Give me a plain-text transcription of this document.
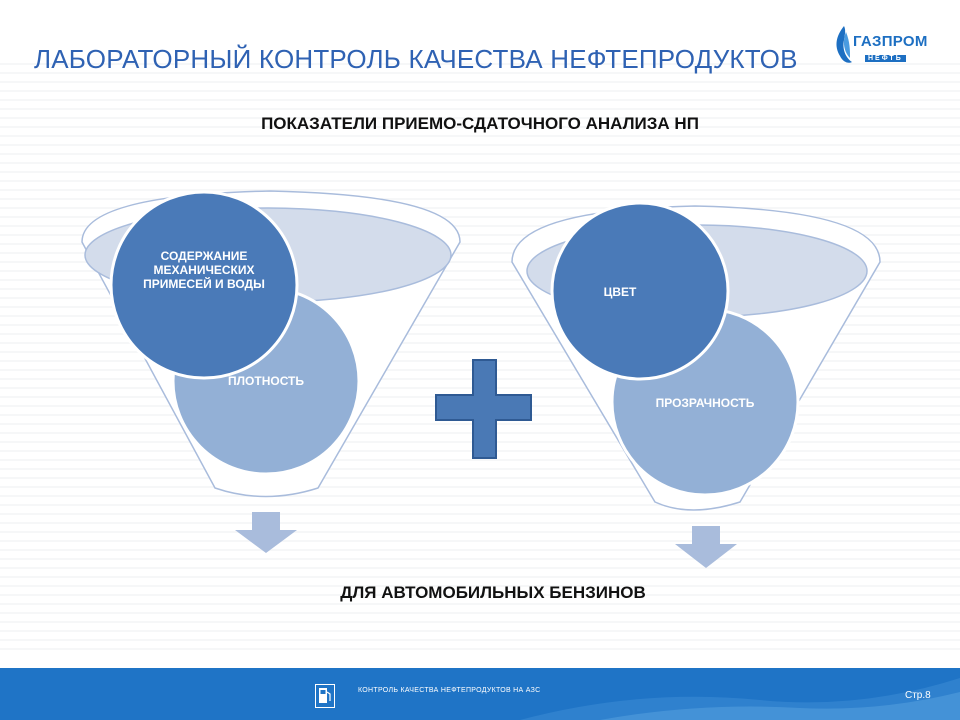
ЛАБОРАТОРНЫЙ КОНТРОЛЬ КАЧЕСТВА НЕФТЕПРОДУКТОВ
ГАЗПРОМ
НЕФТЬ
ПОКАЗАТЕЛИ ПРИЕМО-СДАТОЧНОГО АНАЛИЗА НП
СОДЕРЖАНИЕ МЕХАНИЧЕСКИХ ПРИМЕСЕЙ И ВОДЫ
ПЛОТНОСТЬ
ЦВЕТ
ПРОЗРАЧНОСТЬ
ДЛЯ АВТОМОБИЛЬНЫХ БЕНЗИНОВ
КОНТРОЛЬ КАЧЕСТВА НЕФТЕПРОДУКТОВ НА АЗС	Стр.8
